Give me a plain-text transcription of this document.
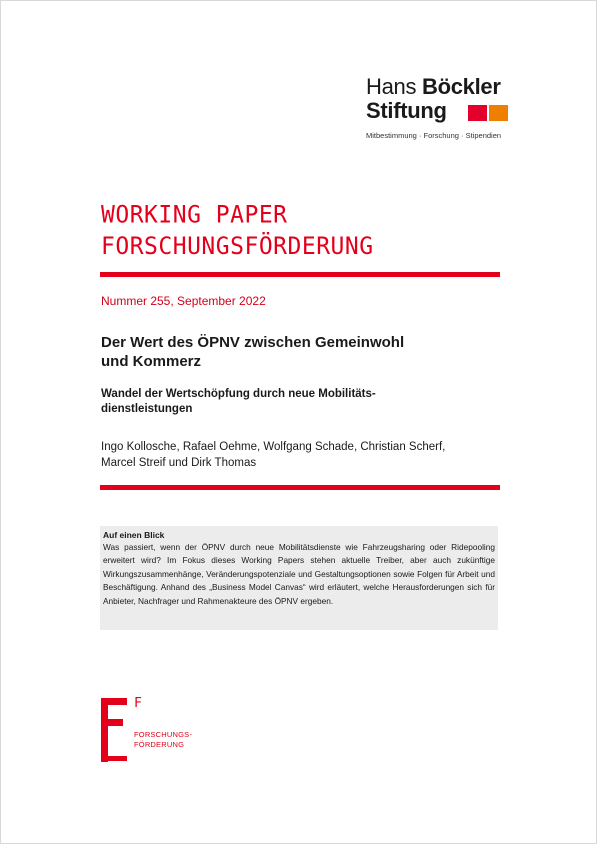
Hans Böckler
Stiftung
Mitbestimmung · Forschung · Stipendien
WORKING PAPER
FORSCHUNGSFÖRDERUNG
Nummer 255, September 2022
Der Wert des ÖPNV zwischen Gemeinwohl
und Kommerz
Wandel der Wertschöpfung durch neue Mobilitäts-
dienstleistungen
Ingo Kollosche, Rafael Oehme, Wolfgang Schade, Christian Scherf,
Marcel Streif und Dirk Thomas
Auf einen Blick

Was passiert, wenn der ÖPNV durch neue Mobilitätsdienste wie Fahrzeugsharing oder Ridepooling erweitert wird? Im Fokus dieses Working Papers stehen aktuelle Treiber, aber auch zukünftige Wirkungszusammenhänge, Veränderungspotenziale und Gestaltungsoptionen sowie Folgen für Arbeit und Beschäftigung. Anhand des „Business Model Canvas“ wird erläutert, welche Herausforderungen sich für Anbieter, Nachfrager und Rahmenakteure des ÖPNV ergeben.

F
FORSCHUNGS-
FÖRDERUNG
